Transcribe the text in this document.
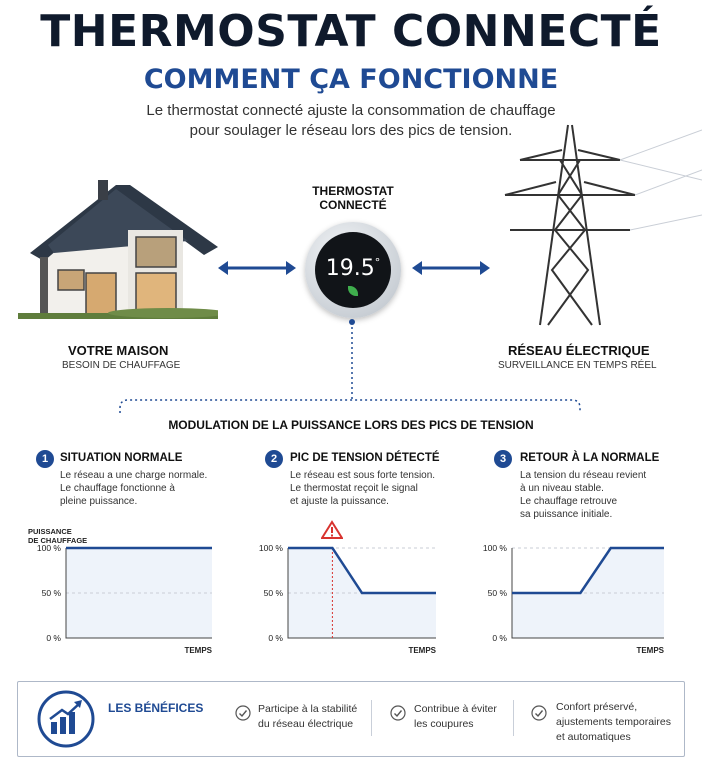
THERMOSTAT CONNECTÉ
COMMENT ÇA FONCTIONNE
Le thermostat connecté ajuste la consommation de chauffage
pour soulager le réseau lors des pics de tension.
THERMOSTAT
CONNECTÉ
19.5°
VOTRE MAISON
BESOIN DE CHAUFFAGE
RÉSEAU ÉLECTRIQUE
SURVEILLANCE EN TEMPS RÉEL
MODULATION DE LA PUISSANCE LORS DES PICS DE TENSION
1	SITUATION NORMALE
Le réseau a une charge normale.
Le chauffage fonctionne à
pleine puissance.
2	PIC DE TENSION DÉTECTÉ
Le réseau est sous forte tension.
Le thermostat reçoit le signal
et ajuste la puissance.
3	RETOUR À LA NORMALE
La tension du réseau revient
à un niveau stable.
Le chauffage retrouve
sa puissance initiale.
PUISSANCE
DE CHAUFFAGE
100 %
50 %
0 %
TEMPS
100 %
50 %
0 %
TEMPS
100 %
50 %
0 %
TEMPS
LES BÉNÉFICES	Participe à la stabilité
du réseau électrique
Contribue à éviter
les coupures
Confort préservé,
ajustements temporaires
et automatiques
